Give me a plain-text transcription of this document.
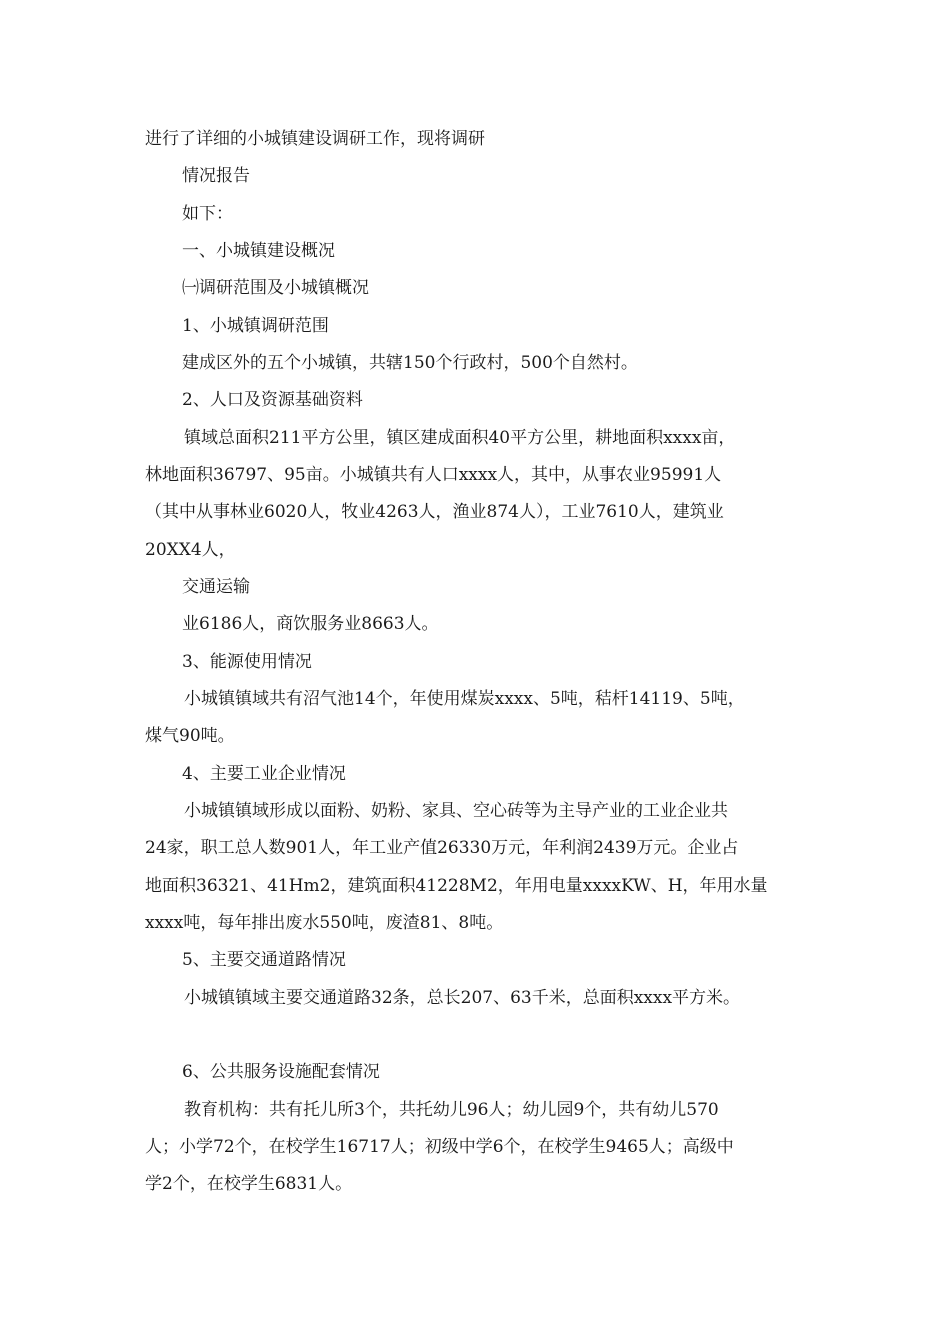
进行了详细的小城镇建设调研工作，现将调研

情况报告

如下：

一、小城镇建设概况

㈠调研范围及小城镇概况

1、小城镇调研范围

建成区外的五个小城镇，共辖150个行政村，500个自然村。

2、人口及资源基础资料

镇域总面积211平方公里，镇区建成面积40平方公里，耕地面积xxxx亩，

林地面积36797、95亩。小城镇共有人口xxxx人，其中，从事农业95991人

（其中从事林业6020人，牧业4263人，渔业874人），工业7610人，建筑业

20XX4人，

交通运输

业6186人，商饮服务业8663人。

3、能源使用情况

小城镇镇域共有沼气池14个，年使用煤炭xxxx、5吨，秸杆14119、5吨，

煤气90吨。

4、主要工业企业情况

小城镇镇域形成以面粉、奶粉、家具、空心砖等为主导产业的工业企业共

24家，职工总人数901人，年工业产值26330万元，年利润2439万元。企业占

地面积36321、41Hm2，建筑面积41228M2，年用电量xxxxKW、H，年用水量

xxxx吨，每年排出废水550吨，废渣81、8吨。

5、主要交通道路情况

小城镇镇域主要交通道路32条，总长207、63千米，总面积xxxx平方米。

6、公共服务设施配套情况

教育机构：共有托儿所3个，共托幼儿96人；幼儿园9个，共有幼儿570

人；小学72个，在校学生16717人；初级中学6个，在校学生9465人；高级中

学2个，在校学生6831人。
